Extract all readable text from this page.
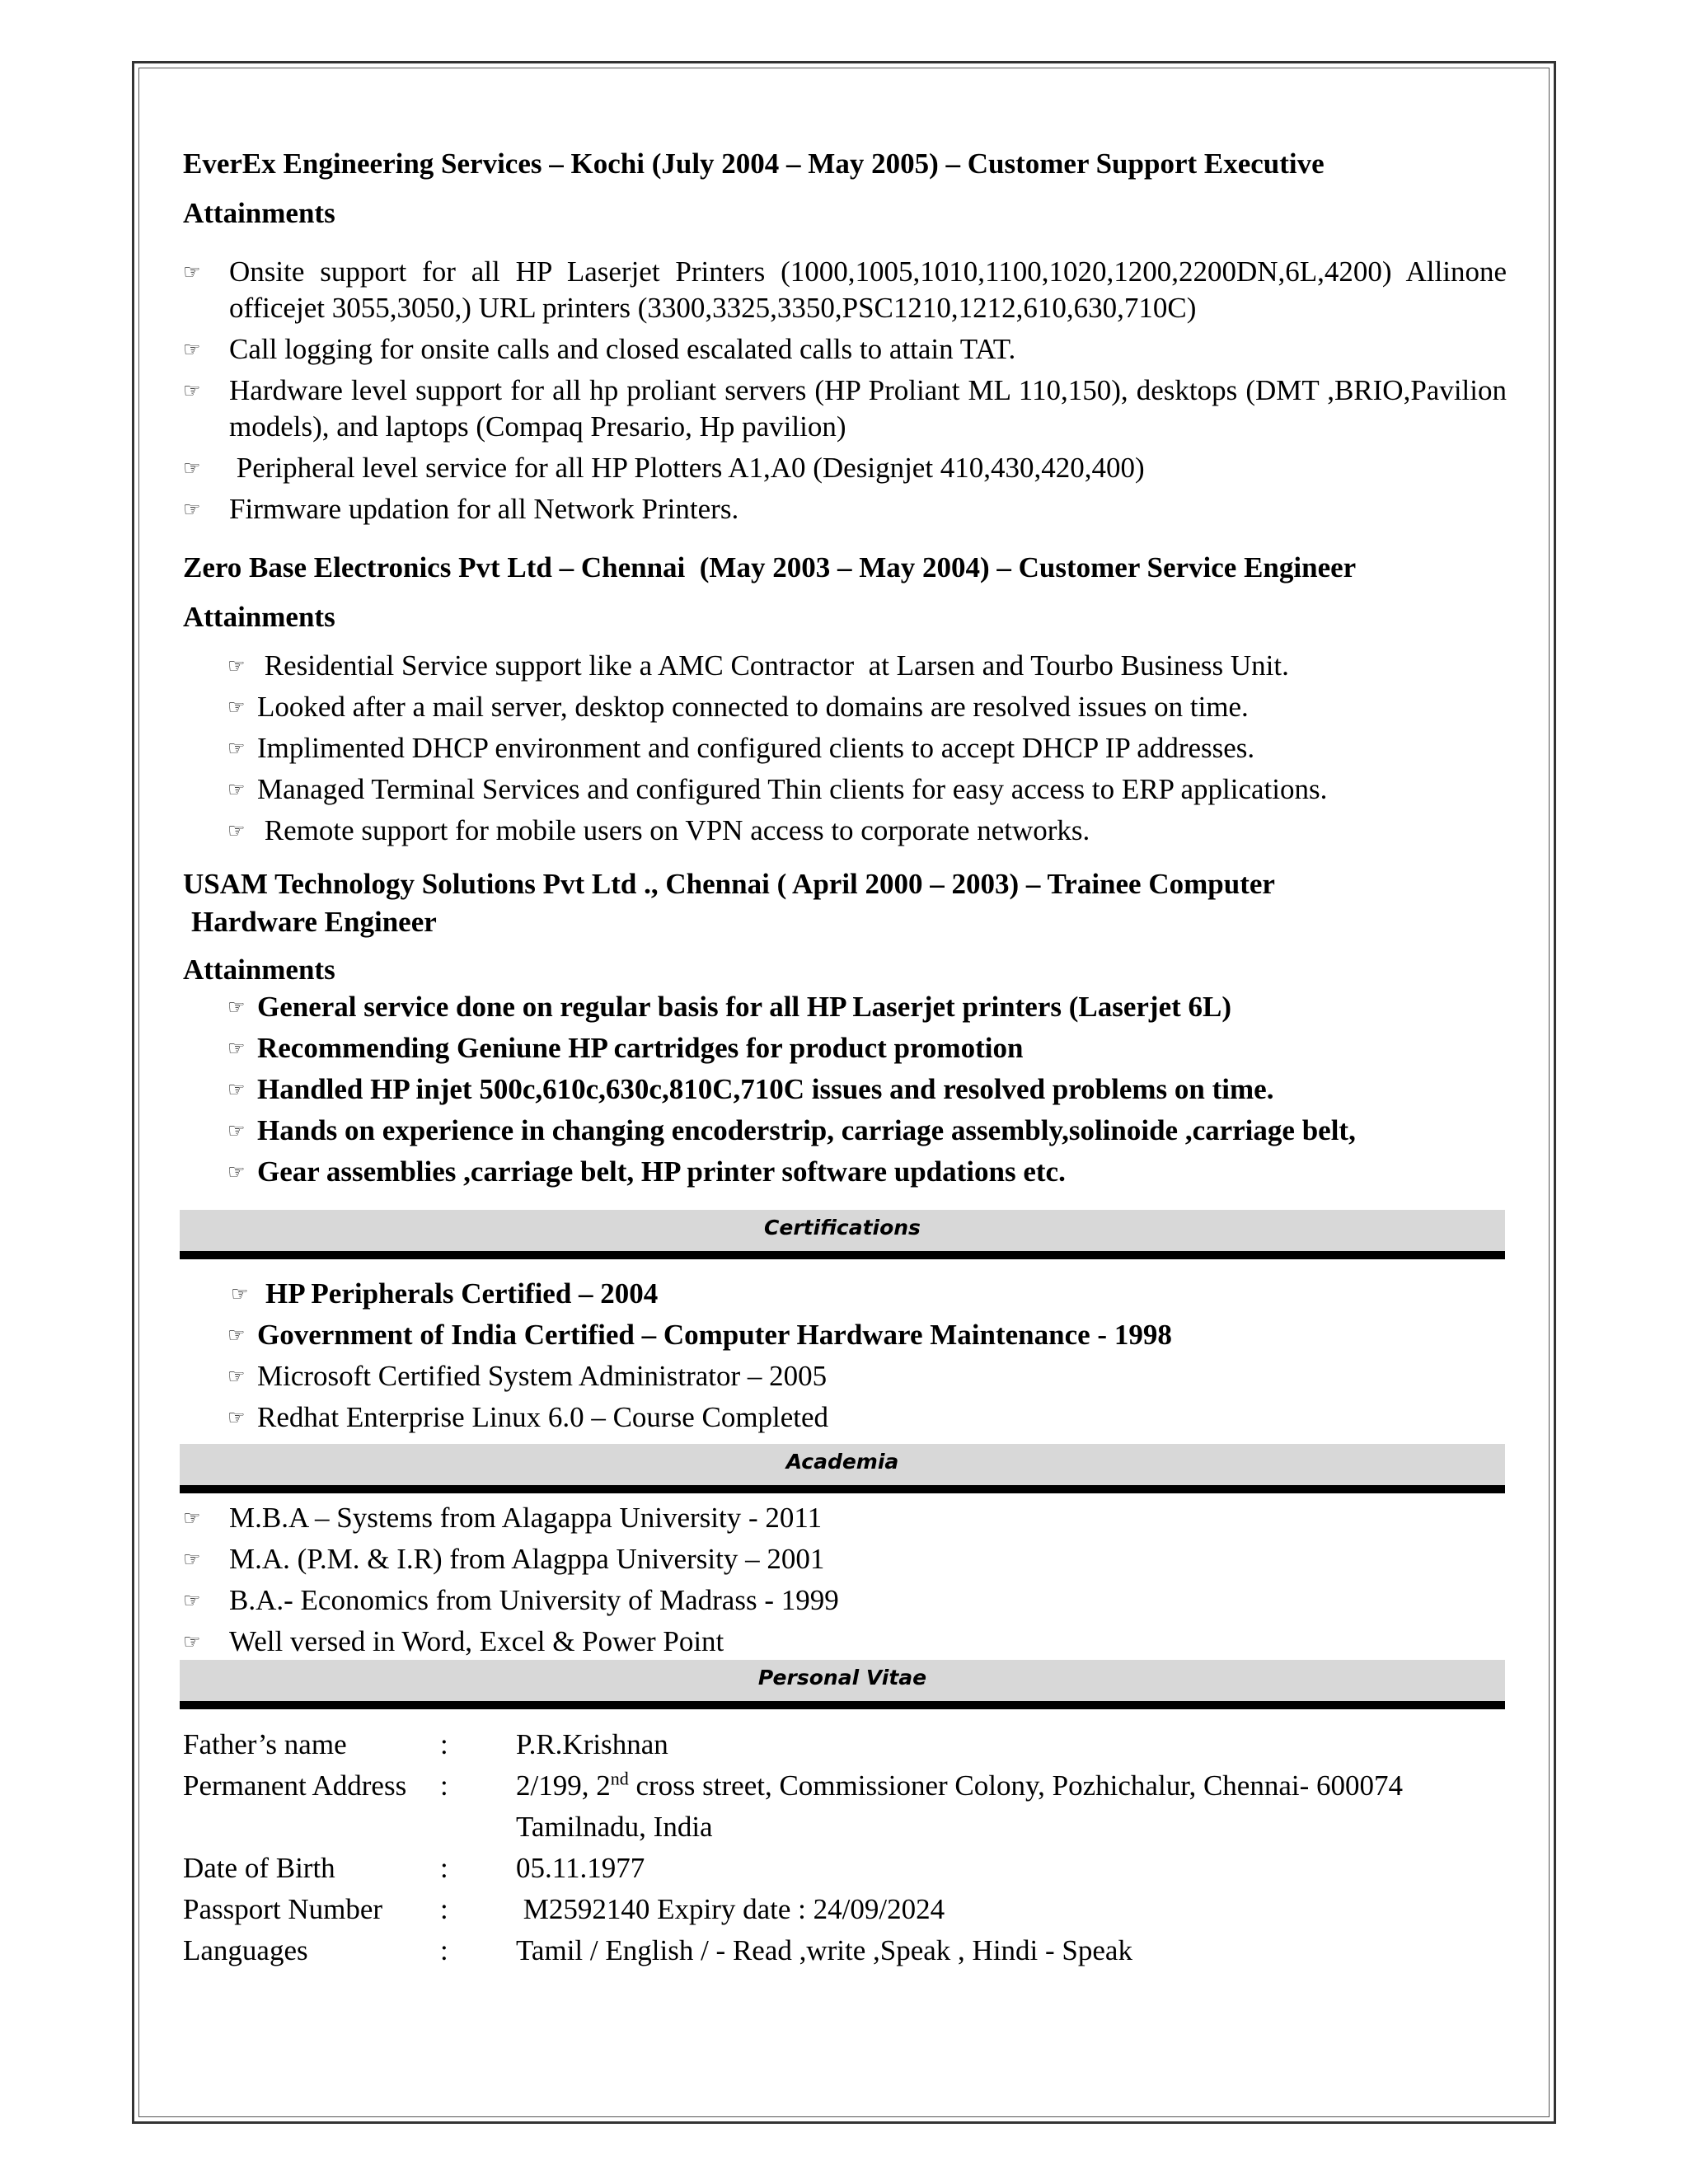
EverEx Engineering Services – Kochi (July 2004 – May 2005) – Customer Support Executive
Attainments
☞ Onsite support for all HP Laserjet Printers (1000,1005,1010,1100,1020,1200,2200DN,6L,4200) Allinone officejet 3055,3050,) URL printers (3300,3325,3350,PSC1210,1212,610,630,710C)
☞ Call logging for onsite calls and closed escalated calls to attain TAT.
☞ Hardware level support for all hp proliant servers (HP Proliant ML 110,150), desktops (DMT ,BRIO,Pavilion models), and laptops (Compaq Presario, Hp pavilion)
☞ Peripheral level service for all HP Plotters A1,A0 (Designjet 410,430,420,400)
☞ Firmware updation for all Network Printers.
Zero Base Electronics Pvt Ltd – Chennai  (May 2003 – May 2004) – Customer Service Engineer
Attainments
☞ Residential Service support like a AMC Contractor  at Larsen and Tourbo Business Unit.
☞ Looked after a mail server, desktop connected to domains are resolved issues on time.
☞ Implimented DHCP environment and configured clients to accept DHCP IP addresses.
☞ Managed Terminal Services and configured Thin clients for easy access to ERP applications.
☞ Remote support for mobile users on VPN access to corporate networks.
USAM Technology Solutions Pvt Ltd ., Chennai ( April 2000 – 2003) – Trainee Computer
Hardware Engineer
Attainments
☞ General service done on regular basis for all HP Laserjet printers (Laserjet 6L)
☞ Recommending Geniune HP cartridges for product promotion
☞ Handled HP injet 500c,610c,630c,810C,710C issues and resolved problems on time.
☞ Hands on experience in changing encoderstrip, carriage assembly,solinoide ,carriage belt,
☞ Gear assemblies ,carriage belt, HP printer software updations etc.
Certifications
☞ HP Peripherals Certified – 2004
☞ Government of India Certified – Computer Hardware Maintenance - 1998
☞ Microsoft Certified System Administrator – 2005
☞ Redhat Enterprise Linux 6.0 – Course Completed
Academia
☞ M.B.A – Systems from Alagappa University - 2011
☞ M.A. (P.M. & I.R) from Alagppa University – 2001
☞ B.A.- Economics from University of Madrass - 1999
☞ Well versed in Word, Excel & Power Point
Personal Vitae
Father’s name	:	P.R.Krishnan
Permanent Address	:	2/199, 2nd cross street, Commissioner Colony, Pozhichalur, Chennai- 600074
Tamilnadu, India
Date of Birth	:	05.11.1977
Passport Number	:	M2592140 Expiry date : 24/09/2024
Languages	:	Tamil / English / - Read ,write ,Speak , Hindi - Speak
